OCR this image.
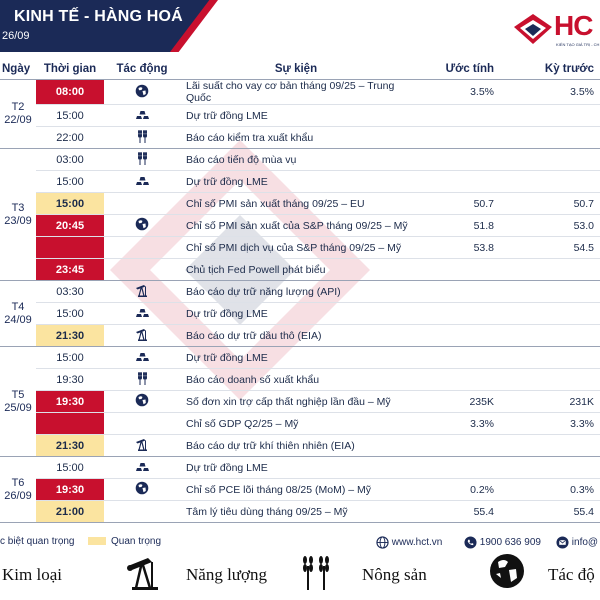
KINH TẾ - HÀNG HOÁ
26/09	HC
KIẾN TẠO GIÁ TRỊ - CH
Ngày	Thời gian	Tác động	Sự kiện	Ước tính	Kỳ trước
T2
22/09	08:00		Lãi suất cho vay cơ bản tháng 09/25 – Trung Quốc	3.5%	3.5%
	15:00		Dự trữ đồng LME		
	22:00		Báo cáo kiểm tra xuất khẩu		
T3
23/09	03:00		Báo cáo tiến độ mùa vụ		
	15:00		Dự trữ đồng LME		
	15:00		Chỉ số PMI sản xuất tháng 09/25 – EU	50.7	50.7
	20:45		Chỉ số PMI sản xuất của S&P tháng 09/25 – Mỹ	51.8	53.0
			Chỉ số PMI dịch vụ của S&P tháng 09/25 – Mỹ	53.8	54.5
	23:45		Chủ tịch Fed Powell phát biểu		
T4
24/09	03:30		Báo cáo dự trữ năng lượng (API)		
	15:00		Dự trữ đồng LME		
	21:30		Báo cáo dự trữ dầu thô (EIA)		
T5
25/09	15:00		Dự trữ đồng LME		
	19:30		Báo cáo doanh số xuất khẩu		
	19:30		Số đơn xin trợ cấp thất nghiệp lần đầu – Mỹ	235K	231K
			Chỉ số GDP Q2/25 – Mỹ	3.3%	3.3%
	21:30		Báo cáo dự trữ khí thiên nhiên (EIA)		
T6
26/09	15:00		Dự trữ đồng LME		
	19:30		Chỉ số PCE lõi tháng 08/25 (MoM) – Mỹ	0.2%	0.3%
	21:00		Tâm lý tiêu dùng tháng 09/25 – Mỹ	55.4	55.4
c biệt quan trọng	Quan trọng	www.hct.vn	1900 636 909	info@
Kim loại	Năng lượng	Nông sản	Tác độ
